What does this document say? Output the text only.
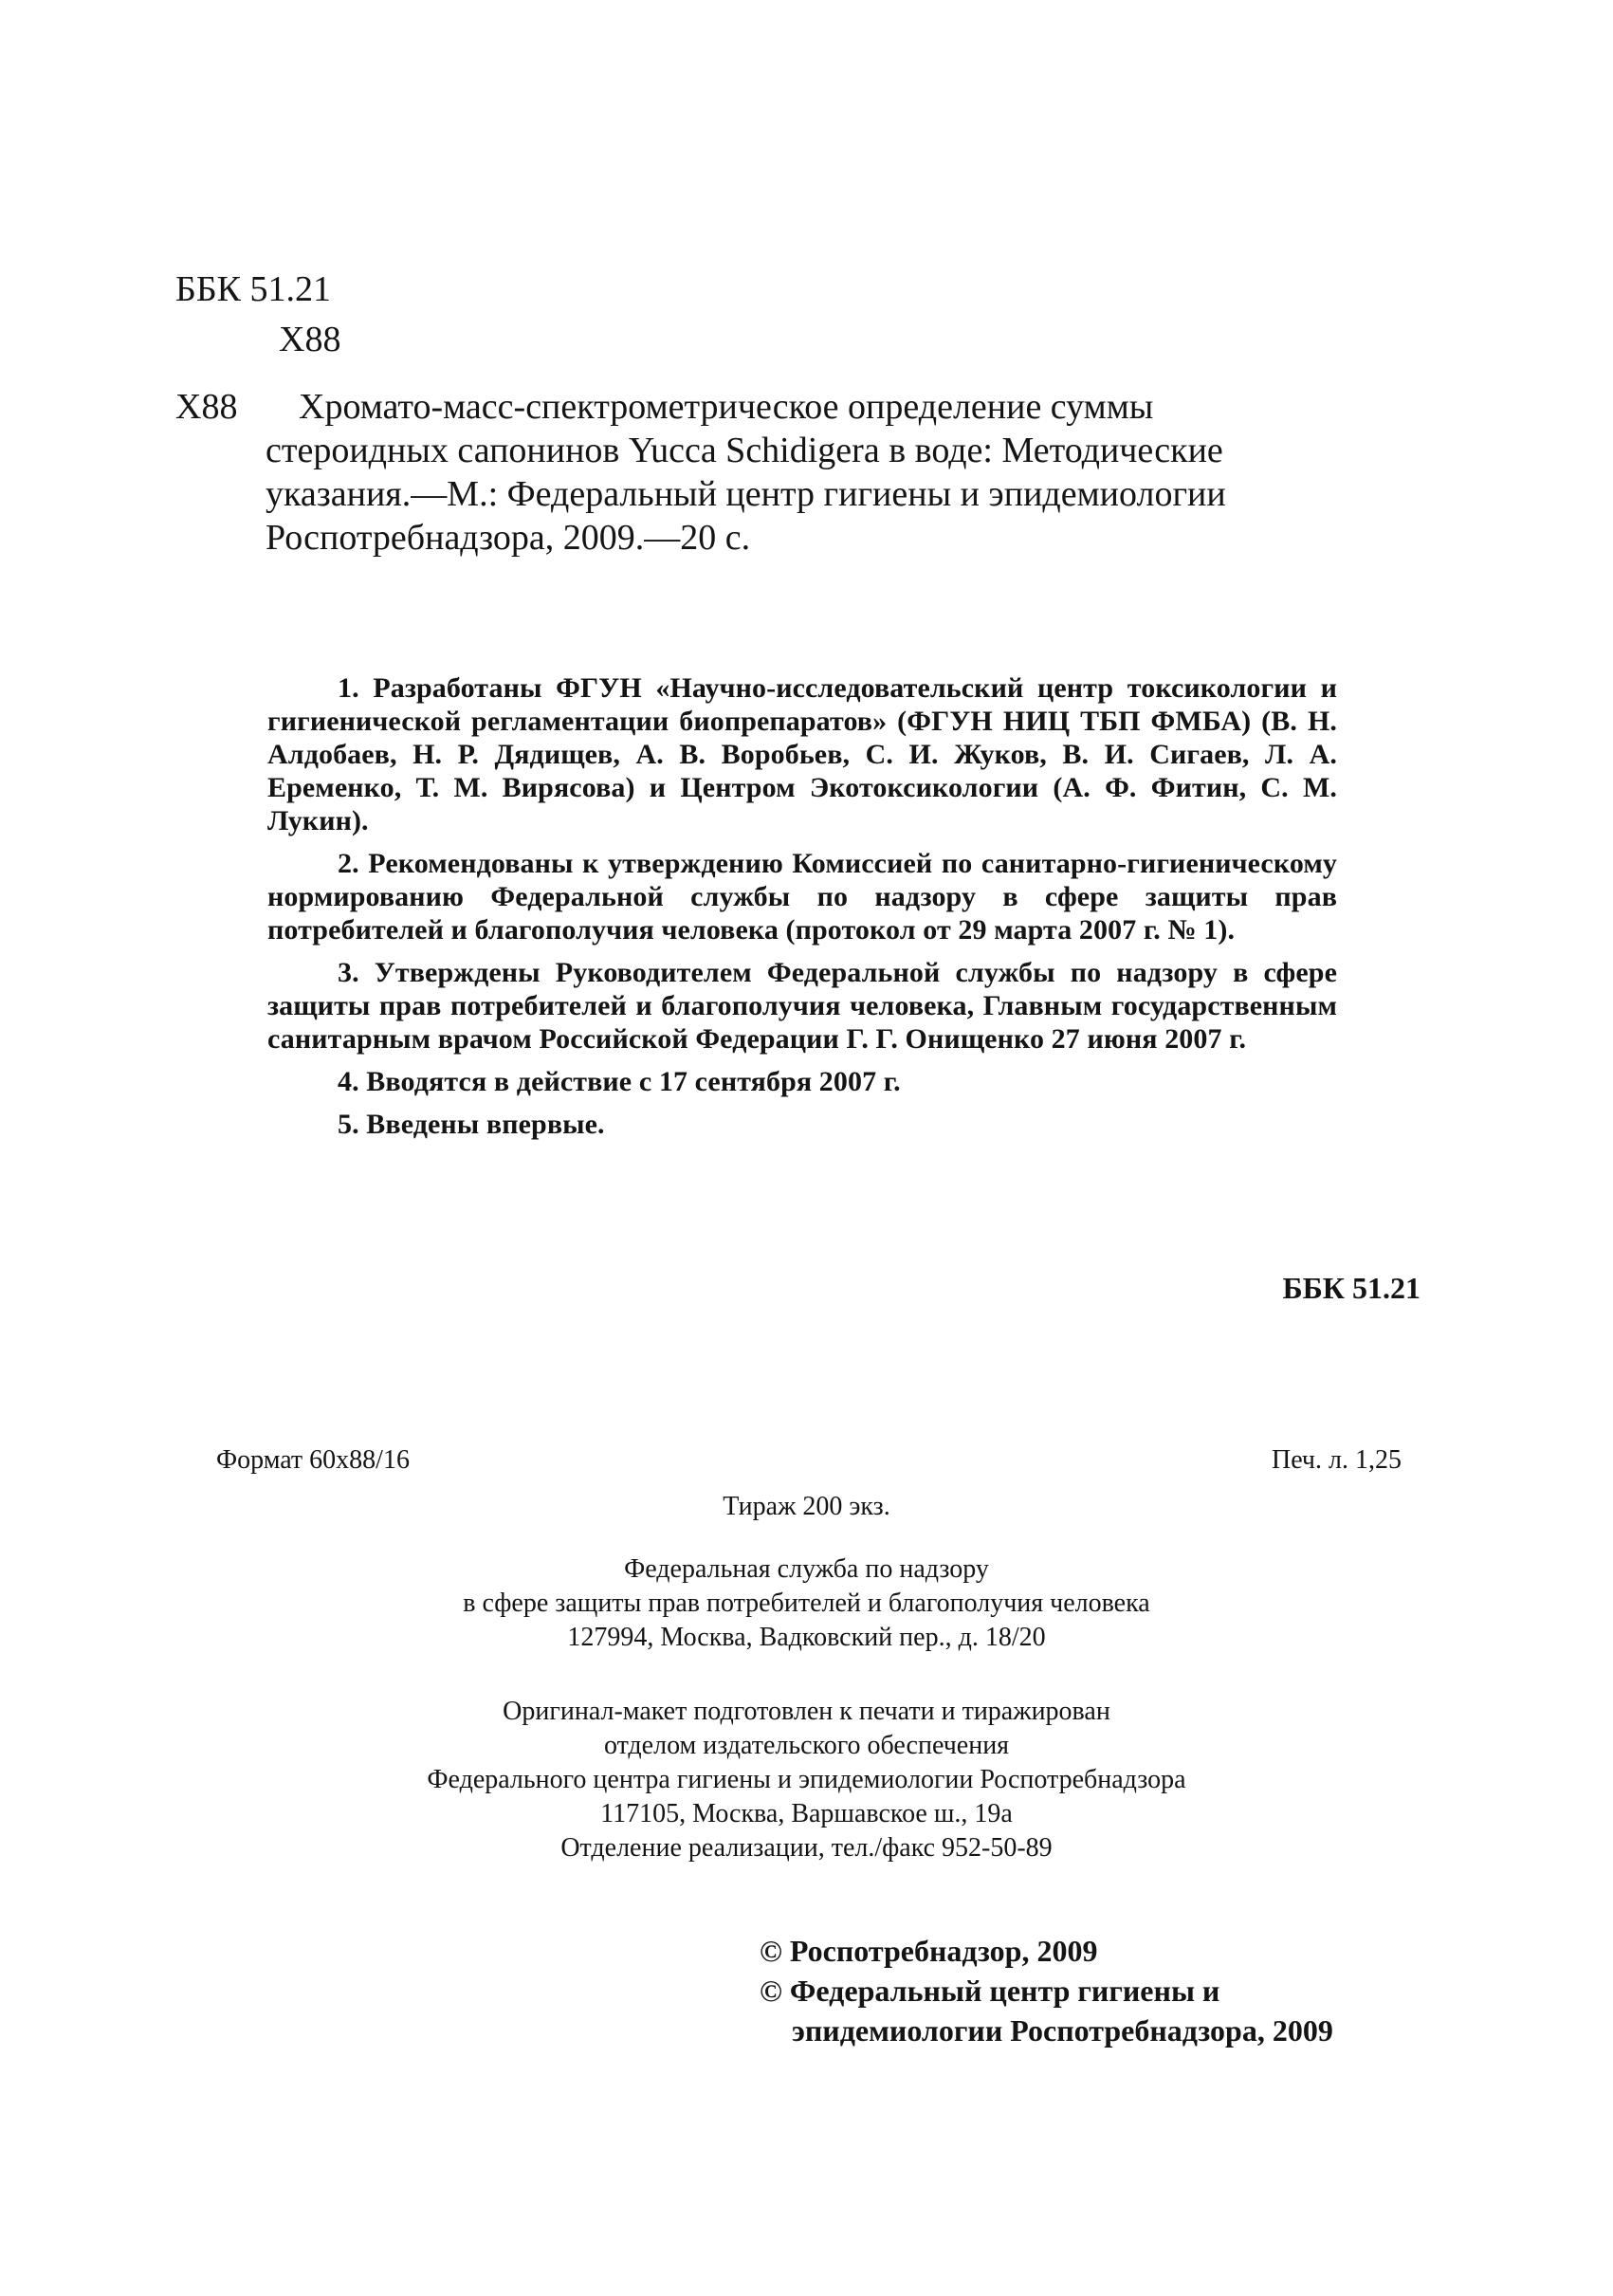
ББК 51.21
Х88
Х88	Хромато-масс-спектрометрическое определение суммы
стероидных сапонинов Yucca Schidigera в воде: Методические
указания.—М.: Федеральный центр гигиены и эпидемиологии
Роспотребнадзора, 2009.—20 с.

1. Разработаны ФГУН «Научно-исследовательский центр токсикологии и гигиенической регламентации биопрепаратов» (ФГУН НИЦ ТБП ФМБА) (В. Н. Алдобаев, Н. Р. Дядищев, А. В. Воробьев, С. И. Жуков, В. И. Сигаев, Л. А. Еременко, Т. М. Вирясова) и Центром Экотоксикологии (А. Ф. Фитин, С. М. Лукин).

2. Рекомендованы к утверждению Комиссией по санитарно-гигиеническому нормированию Федеральной службы по надзору в сфере защиты прав потребителей и благополучия человека (протокол от 29 марта 2007 г. № 1).

3. Утверждены Руководителем Федеральной службы по надзору в сфере защиты прав потребителей и благополучия человека, Главным государственным санитарным врачом Российской Федерации Г. Г. Онищенко 27 июня 2007 г.

4. Вводятся в действие с 17 сентября 2007 г.

5. Введены впервые.

ББК 51.21
Формат 60x88/16	Печ. л. 1,25
Тираж 200 экз.
Федеральная служба по надзору
в сфере защиты прав потребителей и благополучия человека
127994, Москва, Вадковский пер., д. 18/20
Оригинал-макет подготовлен к печати и тиражирован
отделом издательского обеспечения
Федерального центра гигиены и эпидемиологии Роспотребнадзора
117105, Москва, Варшавское ш., 19а
Отделение реализации, тел./факс 952-50-89
© Роспотребнадзор, 2009
© Федеральный центр гигиены и
эпидемиологии Роспотребнадзора, 2009
